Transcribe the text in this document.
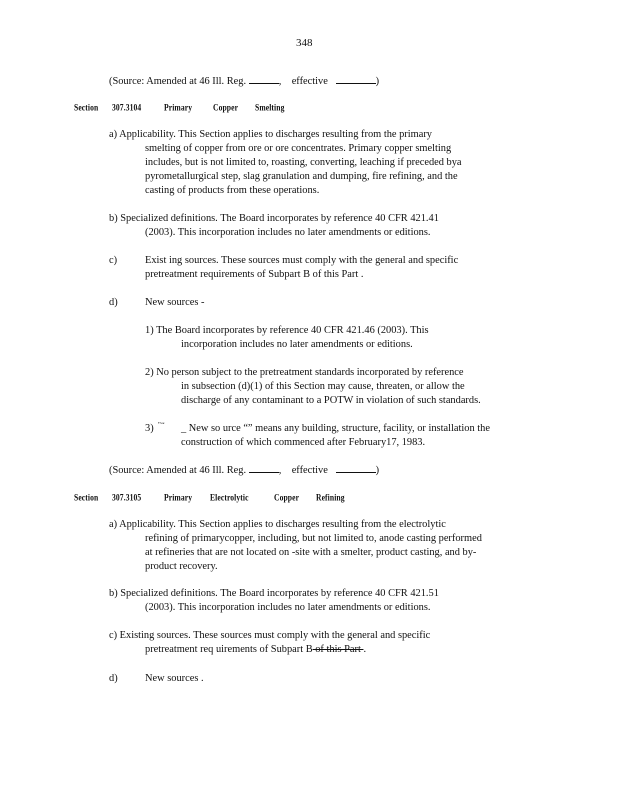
348
(Source: Amended at 46 Ill. Reg.	, effective	)
Section 307.3104	Primary	Copper Smelting
a) Applicability. This Section applies to discharges resulting from the primary
smelting of copper from ore or ore concentrates. Primary copper smelting
includes, but is not limited to, roasting, converting, leaching if preceded bya
pyrometallurgical step, slag granulation and dumping, fire refining, and the
casting of products from these operations.
b) Specialized definitions. The Board incorporates by reference 40 CFR 421.41
(2003). This incorporation includes no later amendments or editions.
c)	Exist ing sources. These sources must comply with the general and specific
pretreatment requirements of Subpart B of this Part .
d)	New sources -
1) The Board incorporates by reference 40 CFR 421.46 (2003). This
incorporation includes no later amendments or editions.
2) No person subject to the pretreatment standards incorporated by reference
in subsection (d)(1) of this Section may cause, threaten, or allow the
discharge of any contaminant to a POTW in violation of such standards.
3) "‘‘ _ New so urce “” means any building, structure, facility, or installation the
construction of which commenced after February17, 1983.
(Source: Amended at 46 Ill. Reg.	, effective	)
Section 307.3105	Primary Electrolytic	Copper Refining
a) Applicability. This Section applies to discharges resulting from the electrolytic
refining of primarycopper, including, but not limited to, anode casting performed
at refineries that are not located on -site with a smelter, product casting, and by-
product recovery.
b) Specialized definitions. The Board incorporates by reference 40 CFR 421.51
(2003). This incorporation includes no later amendments or editions.
c) Existing sources. These sources must comply with the general and specific
pretreatment req uirements of Subpart B of this Part .
d)	New sources .
